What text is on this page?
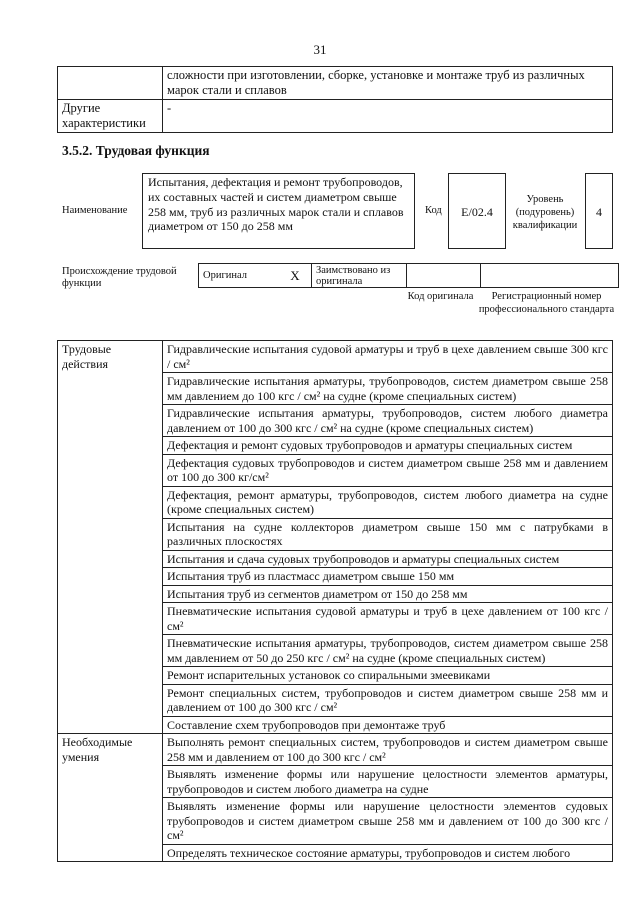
31
	сложности при изготовлении, сборке, установке и монтаже труб из различных марок стали и сплавов
Другие характеристики	-
3.5.2. Трудовая функция
Наименование
Испытания, дефектация и ремонт трубопроводов, их составных частей и систем диаметром свыше 258 мм, труб из различных марок стали и сплавов диаметром от 150 до 258 мм
Код	E/02.4
Уровень (подуровень) квалификации
4
Происхождение трудовой функции
Оригинал	X	Заимствовано из оригинала		
Код оригинала	Регистрационный номер профессионального стандарта
Трудовые действия	Гидравлические испытания судовой арматуры и труб в цехе давлением свыше 300 кгс / см²
	Гидравлические испытания арматуры, трубопроводов, систем диаметром свыше 258 мм давлением до 100 кгс / см² на судне (кроме специальных систем)
	Гидравлические испытания арматуры, трубопроводов, систем любого диаметра давлением от 100 до 300 кгс / см² на судне (кроме специальных систем)
	Дефектация и ремонт судовых трубопроводов и арматуры специальных систем
	Дефектация судовых трубопроводов и систем диаметром свыше 258 мм и давлением от 100 до 300 кг/см²
	Дефектация, ремонт арматуры, трубопроводов, систем любого диаметра на судне (кроме специальных систем)
	Испытания на судне коллекторов диаметром свыше 150 мм с патрубками в различных плоскостях
	Испытания и сдача судовых трубопроводов и арматуры специальных систем
	Испытания труб из пластмасс диаметром свыше 150 мм
	Испытания труб из сегментов диаметром от 150 до 258 мм
	Пневматические испытания судовой арматуры и труб в цехе давлением от 100 кгс / см²
	Пневматические испытания арматуры, трубопроводов, систем диаметром свыше 258 мм давлением от 50 до 250 кгс / см² на судне (кроме специальных систем)
	Ремонт испарительных установок со спиральными змеевиками
	Ремонт специальных систем, трубопроводов и систем диаметром свыше 258 мм и давлением от 100 до 300 кгс / см²
	Составление схем трубопроводов при демонтаже труб
Необходимые умения	Выполнять ремонт специальных систем, трубопроводов и систем диаметром свыше 258 мм и давлением от 100 до 300 кгс / см²
	Выявлять изменение формы или нарушение целостности элементов арматуры, трубопроводов и систем любого диаметра на судне
	Выявлять изменение формы или нарушение целостности элементов судовых трубопроводов и систем диаметром свыше 258 мм и давлением от 100 до 300 кгс / см²
	Определять техническое состояние арматуры, трубопроводов и систем любого
